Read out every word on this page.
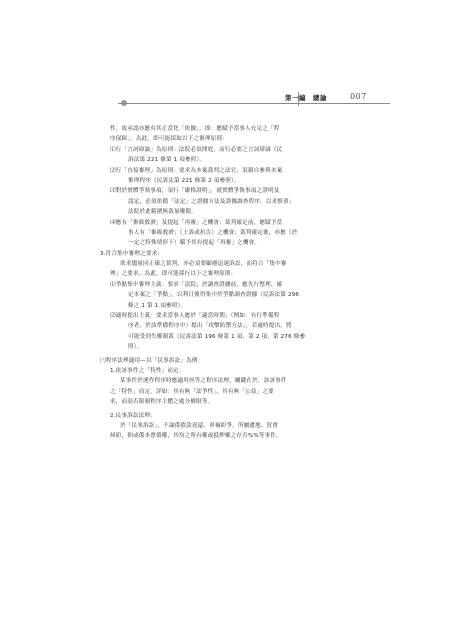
第一編　總論	007
性，故承認亦應有其正當化「依據」，即：應賦予當事人充足之「程
序保障」。為此，即可能採取以下之審理原則：
⑴行「言詞辯論」為原則：法院必須開庭，而行必要之言詞辯論（民
訴法第 221 條第 1 項參照）。
⑵行「直接審理」為原則：要求為本案裁判之法官，須親自參與本案
審理程序（民訴法第 221 條第 2 項參照）。
⑶對於實體爭執事項，須行「嚴格證明」，就實體爭執事項之證明及
認定，必須依循「法定」之證據方法及證據調查程序，以求慎重；
法院於此範圍無裁量權限。
⑷應有「審級救濟」及提起「再審」之機會：裁判確定前，應賦予當
事人有「審級救濟」（上訴或抗告）之機會；裁判確定後，亦應（於
一定之特殊情形下）賦予其有提起「再審」之機會。
3.符合集中審理之要求：
欲求儘量同正確之裁判，亦必須要顧慮迅速訴訟，而符合「集中審
理」之要求。為此，即可能採行以下之審理原則：
⑴爭點集中審理主義：要求「法院」於調查證據前，應先行整理、確
定本案之「爭點」，以利日後得集中於爭點調查證據（民訴法第 296
條之 1 第 1 項參照）。
⑵適時提出主義：要求當事人應於「適當時期」（例如：有行準備程
序者，於該準備程序中）提出「攻擊防禦方法」，若逾時提出，將
可能受到失權制裁（民訴法第 196 條第 1 項、第 2 項、第 276 條參
照）。
㈢程序法理適用—以「民事訴訟」為例：
1.依該事件之「特性」而定：
某事件於運作程序時應適用何等之程序法理，關鍵在於，該該事件
之「特性」而定。詳如：其有無「訟爭性」，其有無「公益」之要
求，而須否限制程序主體之處分權限等。
2.民事訴訟法理：
於「民事訴訟」，不論係債款返還、車禍紛爭，所屬遷地、買賣
糾紛，抑或係本票債權，其均之所有權或抵押權之存否%%等事件，
